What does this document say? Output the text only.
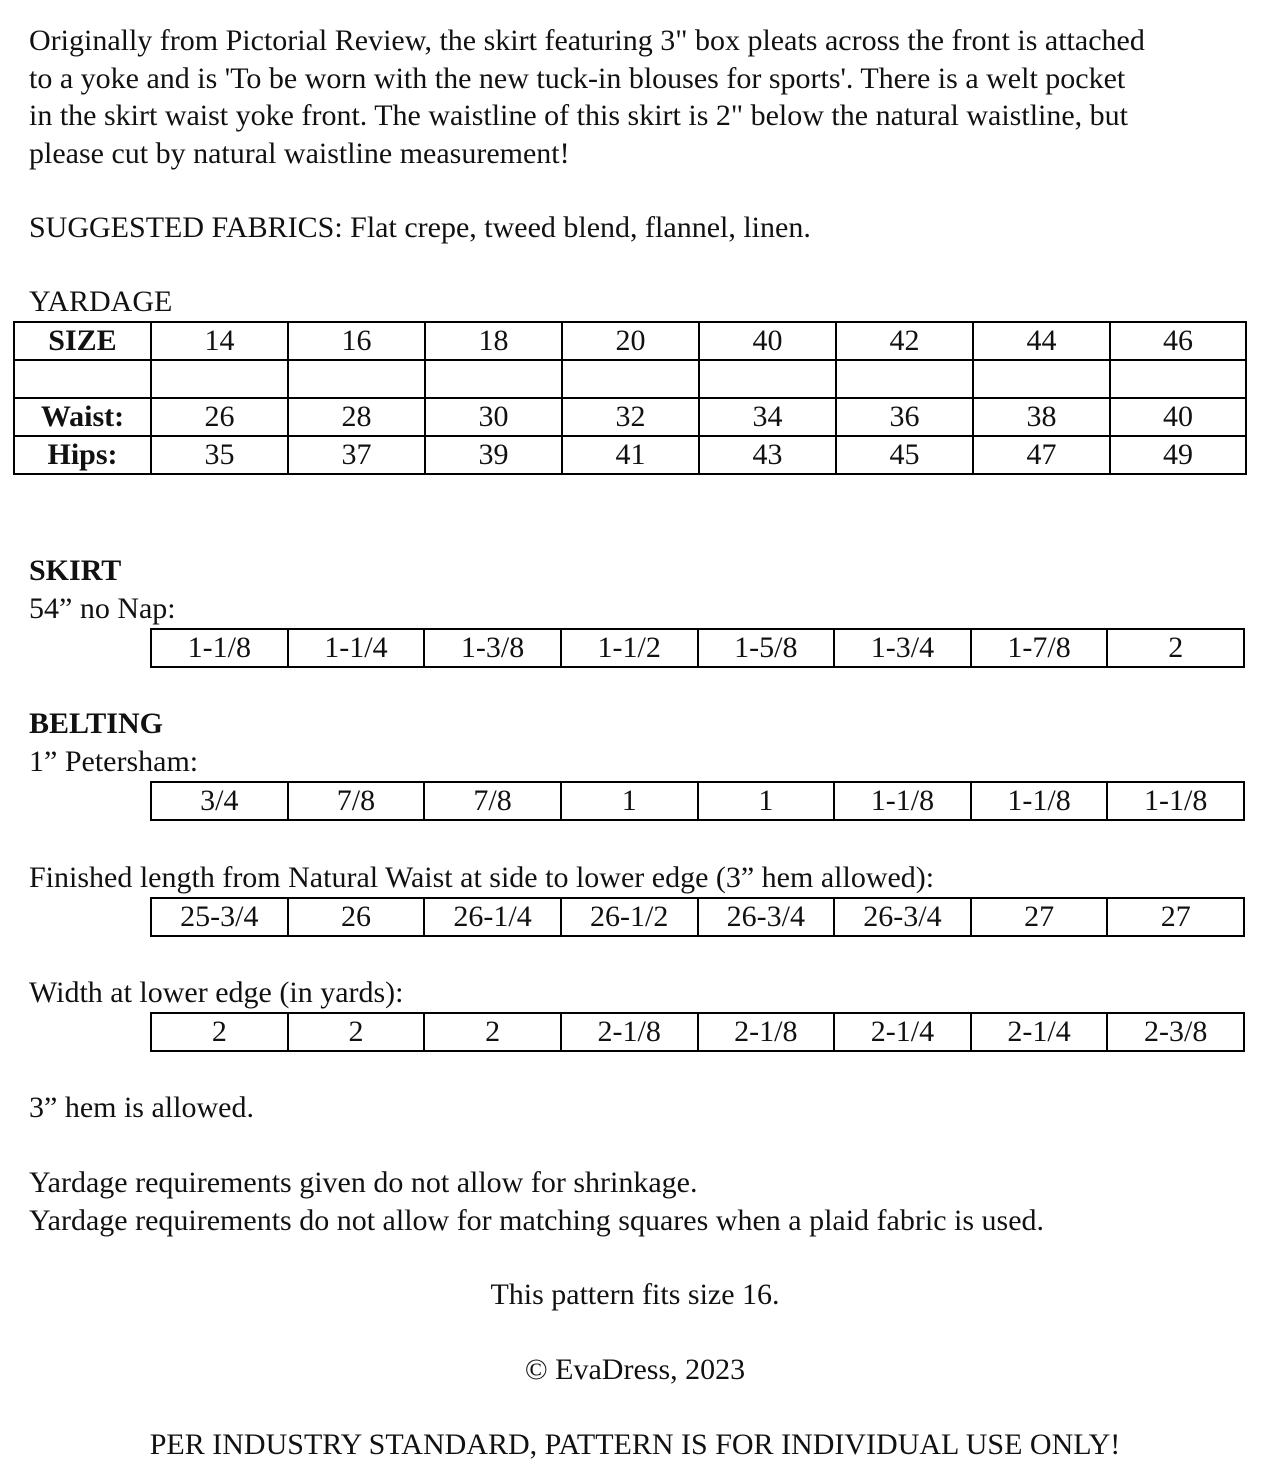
Originally from Pictorial Review, the skirt featuring 3" box pleats across the front is attached
to a yoke and is 'To be worn with the new tuck-in blouses for sports'. There is a welt pocket
in the skirt waist yoke front. The waistline of this skirt is 2" below the natural waistline, but
please cut by natural waistline measurement!
SUGGESTED FABRICS: Flat crepe, tweed blend, flannel, linen.
YARDAGE
SIZE	14	16	18	20	40	42	44	46

Waist:	26	28	30	32	34	36	38	40
Hips:	35	37	39	41	43	45	47	49
SKIRT
54” no Nap:
1-1/8	1-1/4	1-3/8	1-1/2	1-5/8	1-3/4	1-7/8	2
BELTING
1” Petersham:
3/4	7/8	7/8	1	1	1-1/8	1-1/8	1-1/8
Finished length from Natural Waist at side to lower edge (3” hem allowed):
25-3/4	26	26-1/4	26-1/2	26-3/4	26-3/4	27	27
Width at lower edge (in yards):
2	2	2	2-1/8	2-1/8	2-1/4	2-1/4	2-3/8
3” hem is allowed.
Yardage requirements given do not allow for shrinkage.
Yardage requirements do not allow for matching squares when a plaid fabric is used.
This pattern fits size 16.
© EvaDress, 2023
PER INDUSTRY STANDARD, PATTERN IS FOR INDIVIDUAL USE ONLY!
